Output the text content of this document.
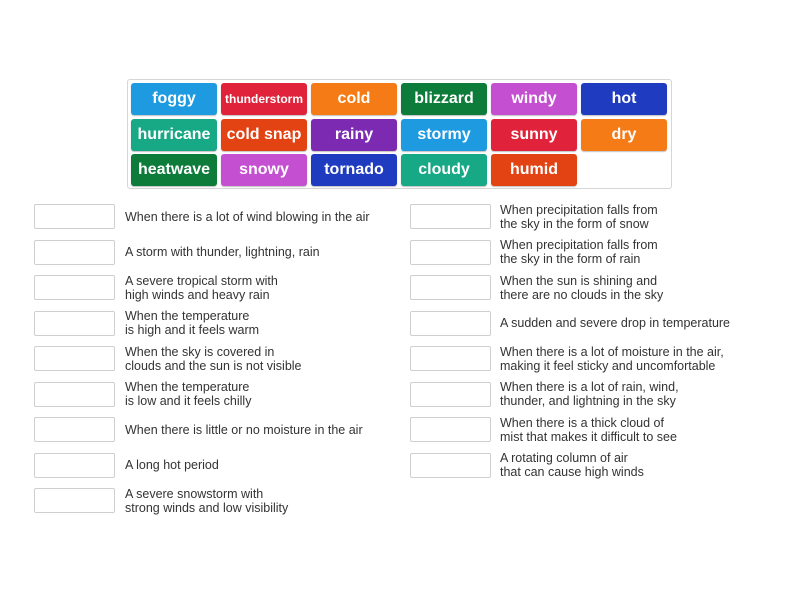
foggy	thunderstorm	cold	blizzard	windy	hot
hurricane	cold snap	rainy	stormy	sunny	dry
heatwave	snowy	tornado	cloudy	humid
When there is a lot of wind blowing in the air
A storm with thunder, lightning, rain
A severe tropical storm with
high winds and heavy rain
When the temperature
is high and it feels warm
When the sky is covered in
clouds and the sun is not visible
When the temperature
is low and it feels chilly
When there is little or no moisture in the air
A long hot period
A severe snowstorm with
strong winds and low visibility
When precipitation falls from
the sky in the form of snow
When precipitation falls from
the sky in the form of rain
When the sun is shining and
there are no clouds in the sky
A sudden and severe drop in temperature
When there is a lot of moisture in the air,
making it feel sticky and uncomfortable
When there is a lot of rain, wind,
thunder, and lightning in the sky
When there is a thick cloud of
mist that makes it difficult to see
A rotating column of air
that can cause high winds
